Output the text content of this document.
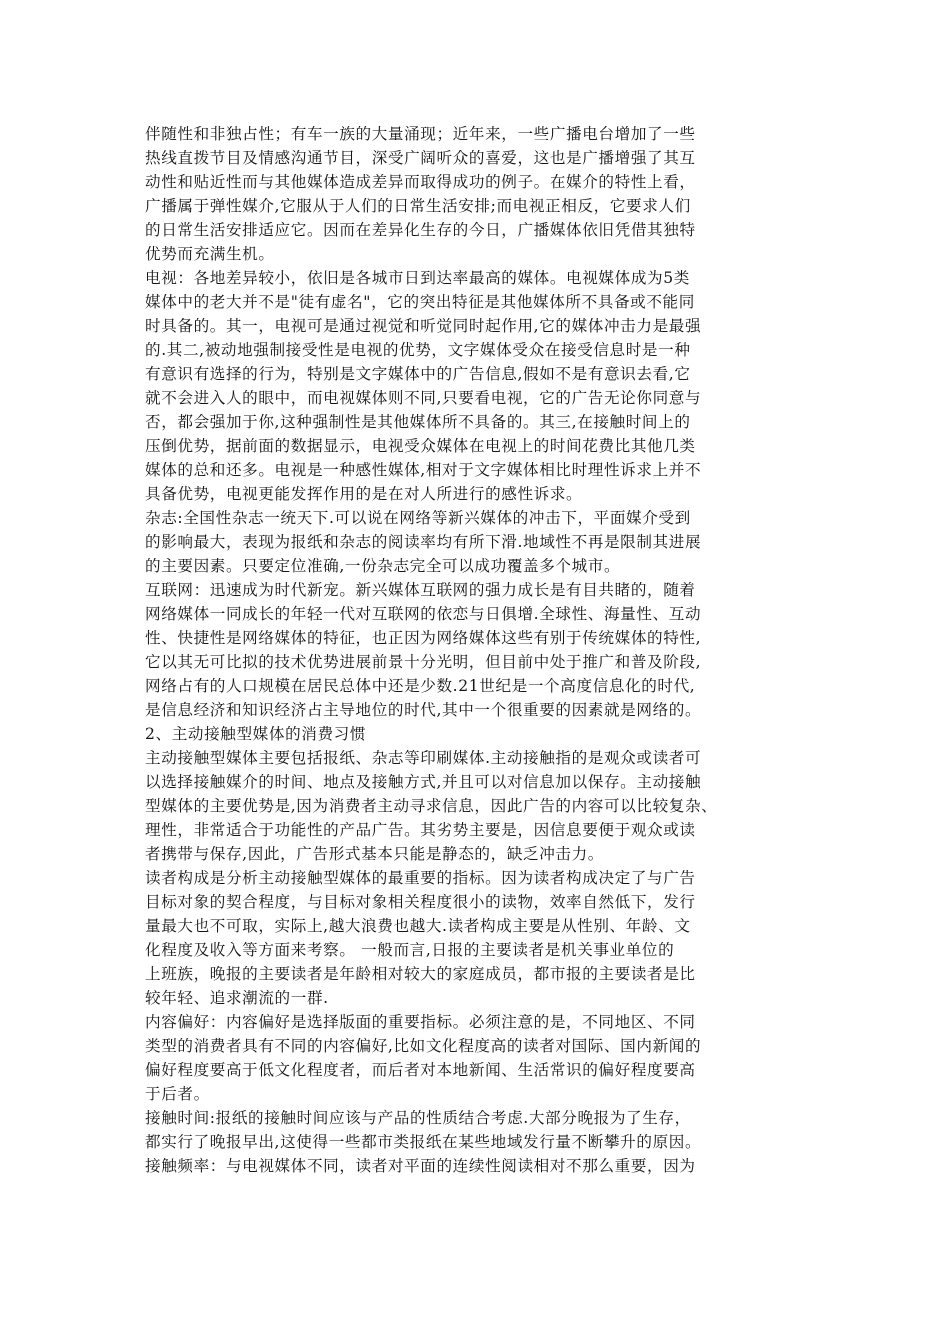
伴随性和非独占性；有车一族的大量涌现；近年来，一些广播电台增加了一些
热线直拨节目及情感沟通节目，深受广阔听众的喜爱，这也是广播增强了其互
动性和贴近性而与其他媒体造成差异而取得成功的例子。在媒介的特性上看，
广播属于弹性媒介,它服从于人们的日常生活安排;而电视正相反，它要求人们
的日常生活安排适应它。因而在差异化生存的今日，广播媒体依旧凭借其独特
优势而充满生机。
电视：各地差异较小，依旧是各城市日到达率最高的媒体。电视媒体成为5类
媒体中的老大并不是"徒有虚名"，它的突出特征是其他媒体所不具备或不能同
时具备的。其一，电视可是通过视觉和听觉同时起作用,它的媒体冲击力是最强
的.其二,被动地强制接受性是电视的优势，文字媒体受众在接受信息时是一种
有意识有选择的行为，特别是文字媒体中的广告信息,假如不是有意识去看,它
就不会进入人的眼中，而电视媒体则不同,只要看电视，它的广告无论你同意与
否，都会强加于你,这种强制性是其他媒体所不具备的。其三,在接触时间上的
压倒优势，据前面的数据显示，电视受众媒体在电视上的时间花费比其他几类
媒体的总和还多。电视是一种感性媒体,相对于文字媒体相比时理性诉求上并不
具备优势，电视更能发挥作用的是在对人所进行的感性诉求。
杂志:全国性杂志一统天下.可以说在网络等新兴媒体的冲击下，平面媒介受到
的影响最大，表现为报纸和杂志的阅读率均有所下滑.地域性不再是限制其进展
的主要因素。只要定位准确,一份杂志完全可以成功覆盖多个城市。
互联网：迅速成为时代新宠。新兴媒体互联网的强力成长是有目共睹的，随着
网络媒体一同成长的年轻一代对互联网的依恋与日俱增.全球性、海量性、互动
性、快捷性是网络媒体的特征，也正因为网络媒体这些有别于传统媒体的特性,
它以其无可比拟的技术优势进展前景十分光明，但目前中处于推广和普及阶段,
网络占有的人口规模在居民总体中还是少数.21世纪是一个高度信息化的时代,
是信息经济和知识经济占主导地位的时代,其中一个很重要的因素就是网络的。
2、主动接触型媒体的消费习惯
主动接触型媒体主要包括报纸、杂志等印刷媒体.主动接触指的是观众或读者可
以选择接触媒介的时间、地点及接触方式,并且可以对信息加以保存。主动接触
型媒体的主要优势是,因为消费者主动寻求信息，因此广告的内容可以比较复杂、
理性，非常适合于功能性的产品广告。其劣势主要是，因信息要便于观众或读
者携带与保存,因此，广告形式基本只能是静态的，缺乏冲击力。
读者构成是分析主动接触型媒体的最重要的指标。因为读者构成决定了与广告
目标对象的契合程度，与目标对象相关程度很小的读物，效率自然低下，发行
量最大也不可取，实际上,越大浪费也越大.读者构成主要是从性别、年龄、文
化程度及收入等方面来考察。 一般而言,日报的主要读者是机关事业单位的
上班族，晚报的主要读者是年龄相对较大的家庭成员，都市报的主要读者是比
较年轻、追求潮流的一群.
内容偏好：内容偏好是选择版面的重要指标。必须注意的是，不同地区、不同
类型的消费者具有不同的内容偏好,比如文化程度高的读者对国际、国内新闻的
偏好程度要高于低文化程度者，而后者对本地新闻、生活常识的偏好程度要高
于后者。
接触时间:报纸的接触时间应该与产品的性质结合考虑.大部分晚报为了生存，
都实行了晚报早出,这使得一些都市类报纸在某些地域发行量不断攀升的原因。
接触频率：与电视媒体不同，读者对平面的连续性阅读相对不那么重要，因为
